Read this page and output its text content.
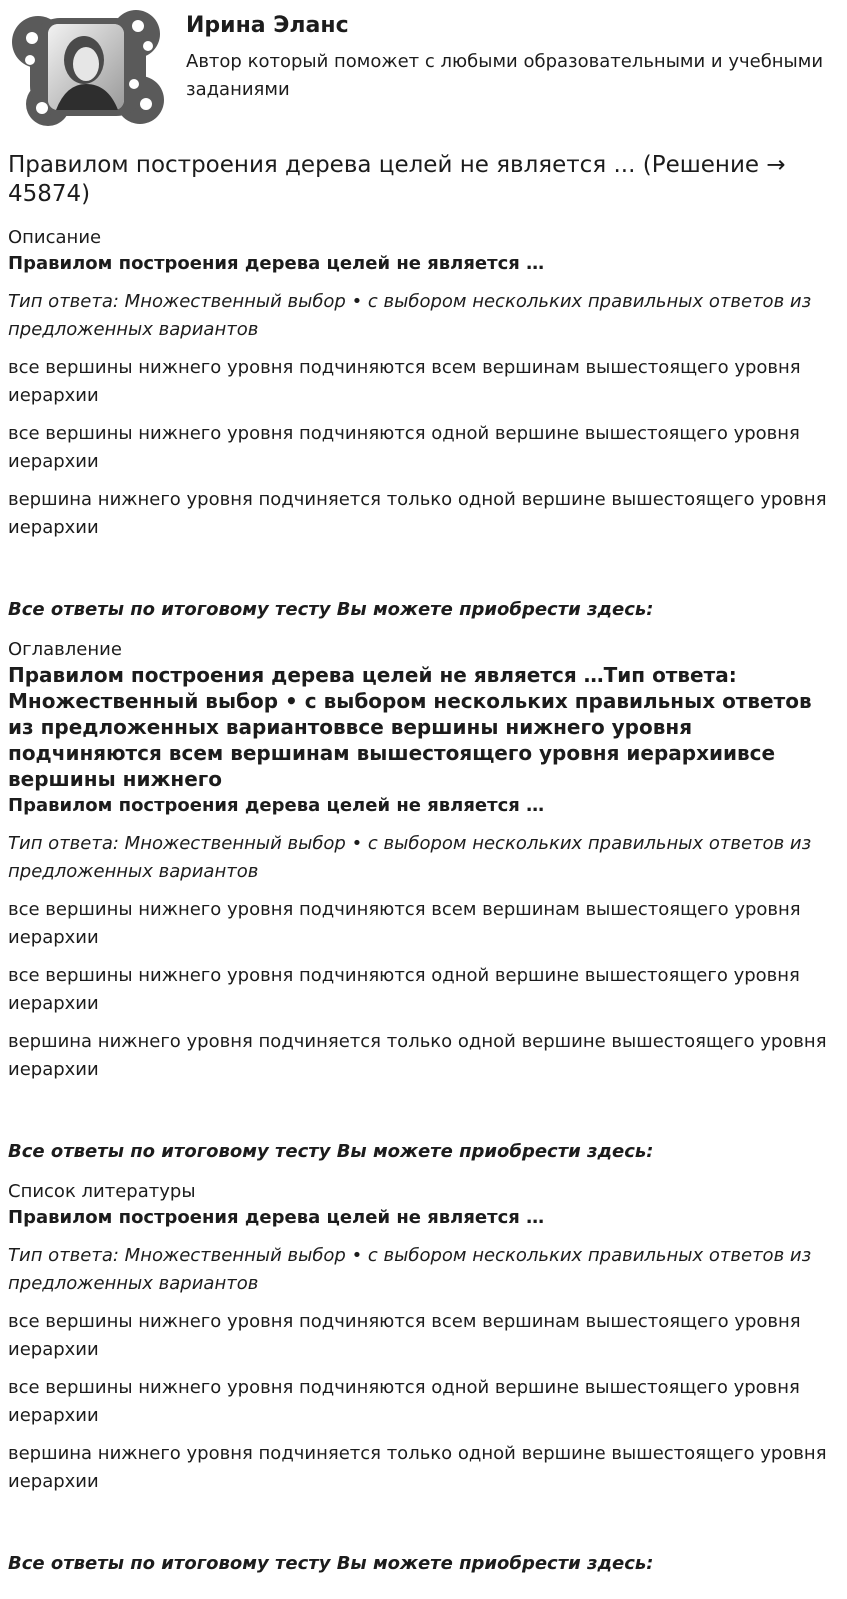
Ирина Эланс
Автор который поможет с любыми образовательными и учебными заданиями
Правилом построения дерева целей не является ... (Решение → 45874)

Описание

Правилом построения дерева целей не является …

Тип ответа: Множественный выбор • с выбором нескольких правильных ответов из предложенных вариантов

все вершины нижнего уровня подчиняются всем вершинам вышестоящего уровня иерархии

все вершины нижнего уровня подчиняются одной вершине вышестоящего уровня иерархии

вершина нижнего уровня подчиняется только одной вершине вышестоящего уровня иерархии

Все ответы по итоговому тесту Вы можете приобрести здесь:

Оглавление

Правилом построения дерева целей не является …Тип ответа: Множественный выбор • с выбором нескольких правильных ответов из предложенных вариантоввсе вершины нижнего уровня подчиняются всем вершинам вышестоящего уровня иерархиивсе вершины нижнего

Правилом построения дерева целей не является …

Тип ответа: Множественный выбор • с выбором нескольких правильных ответов из предложенных вариантов

все вершины нижнего уровня подчиняются всем вершинам вышестоящего уровня иерархии

все вершины нижнего уровня подчиняются одной вершине вышестоящего уровня иерархии

вершина нижнего уровня подчиняется только одной вершине вышестоящего уровня иерархии

Все ответы по итоговому тесту Вы можете приобрести здесь:

Список литературы

Правилом построения дерева целей не является …

Тип ответа: Множественный выбор • с выбором нескольких правильных ответов из предложенных вариантов

все вершины нижнего уровня подчиняются всем вершинам вышестоящего уровня иерархии

все вершины нижнего уровня подчиняются одной вершине вышестоящего уровня иерархии

вершина нижнего уровня подчиняется только одной вершине вышестоящего уровня иерархии

Все ответы по итоговому тесту Вы можете приобрести здесь:
